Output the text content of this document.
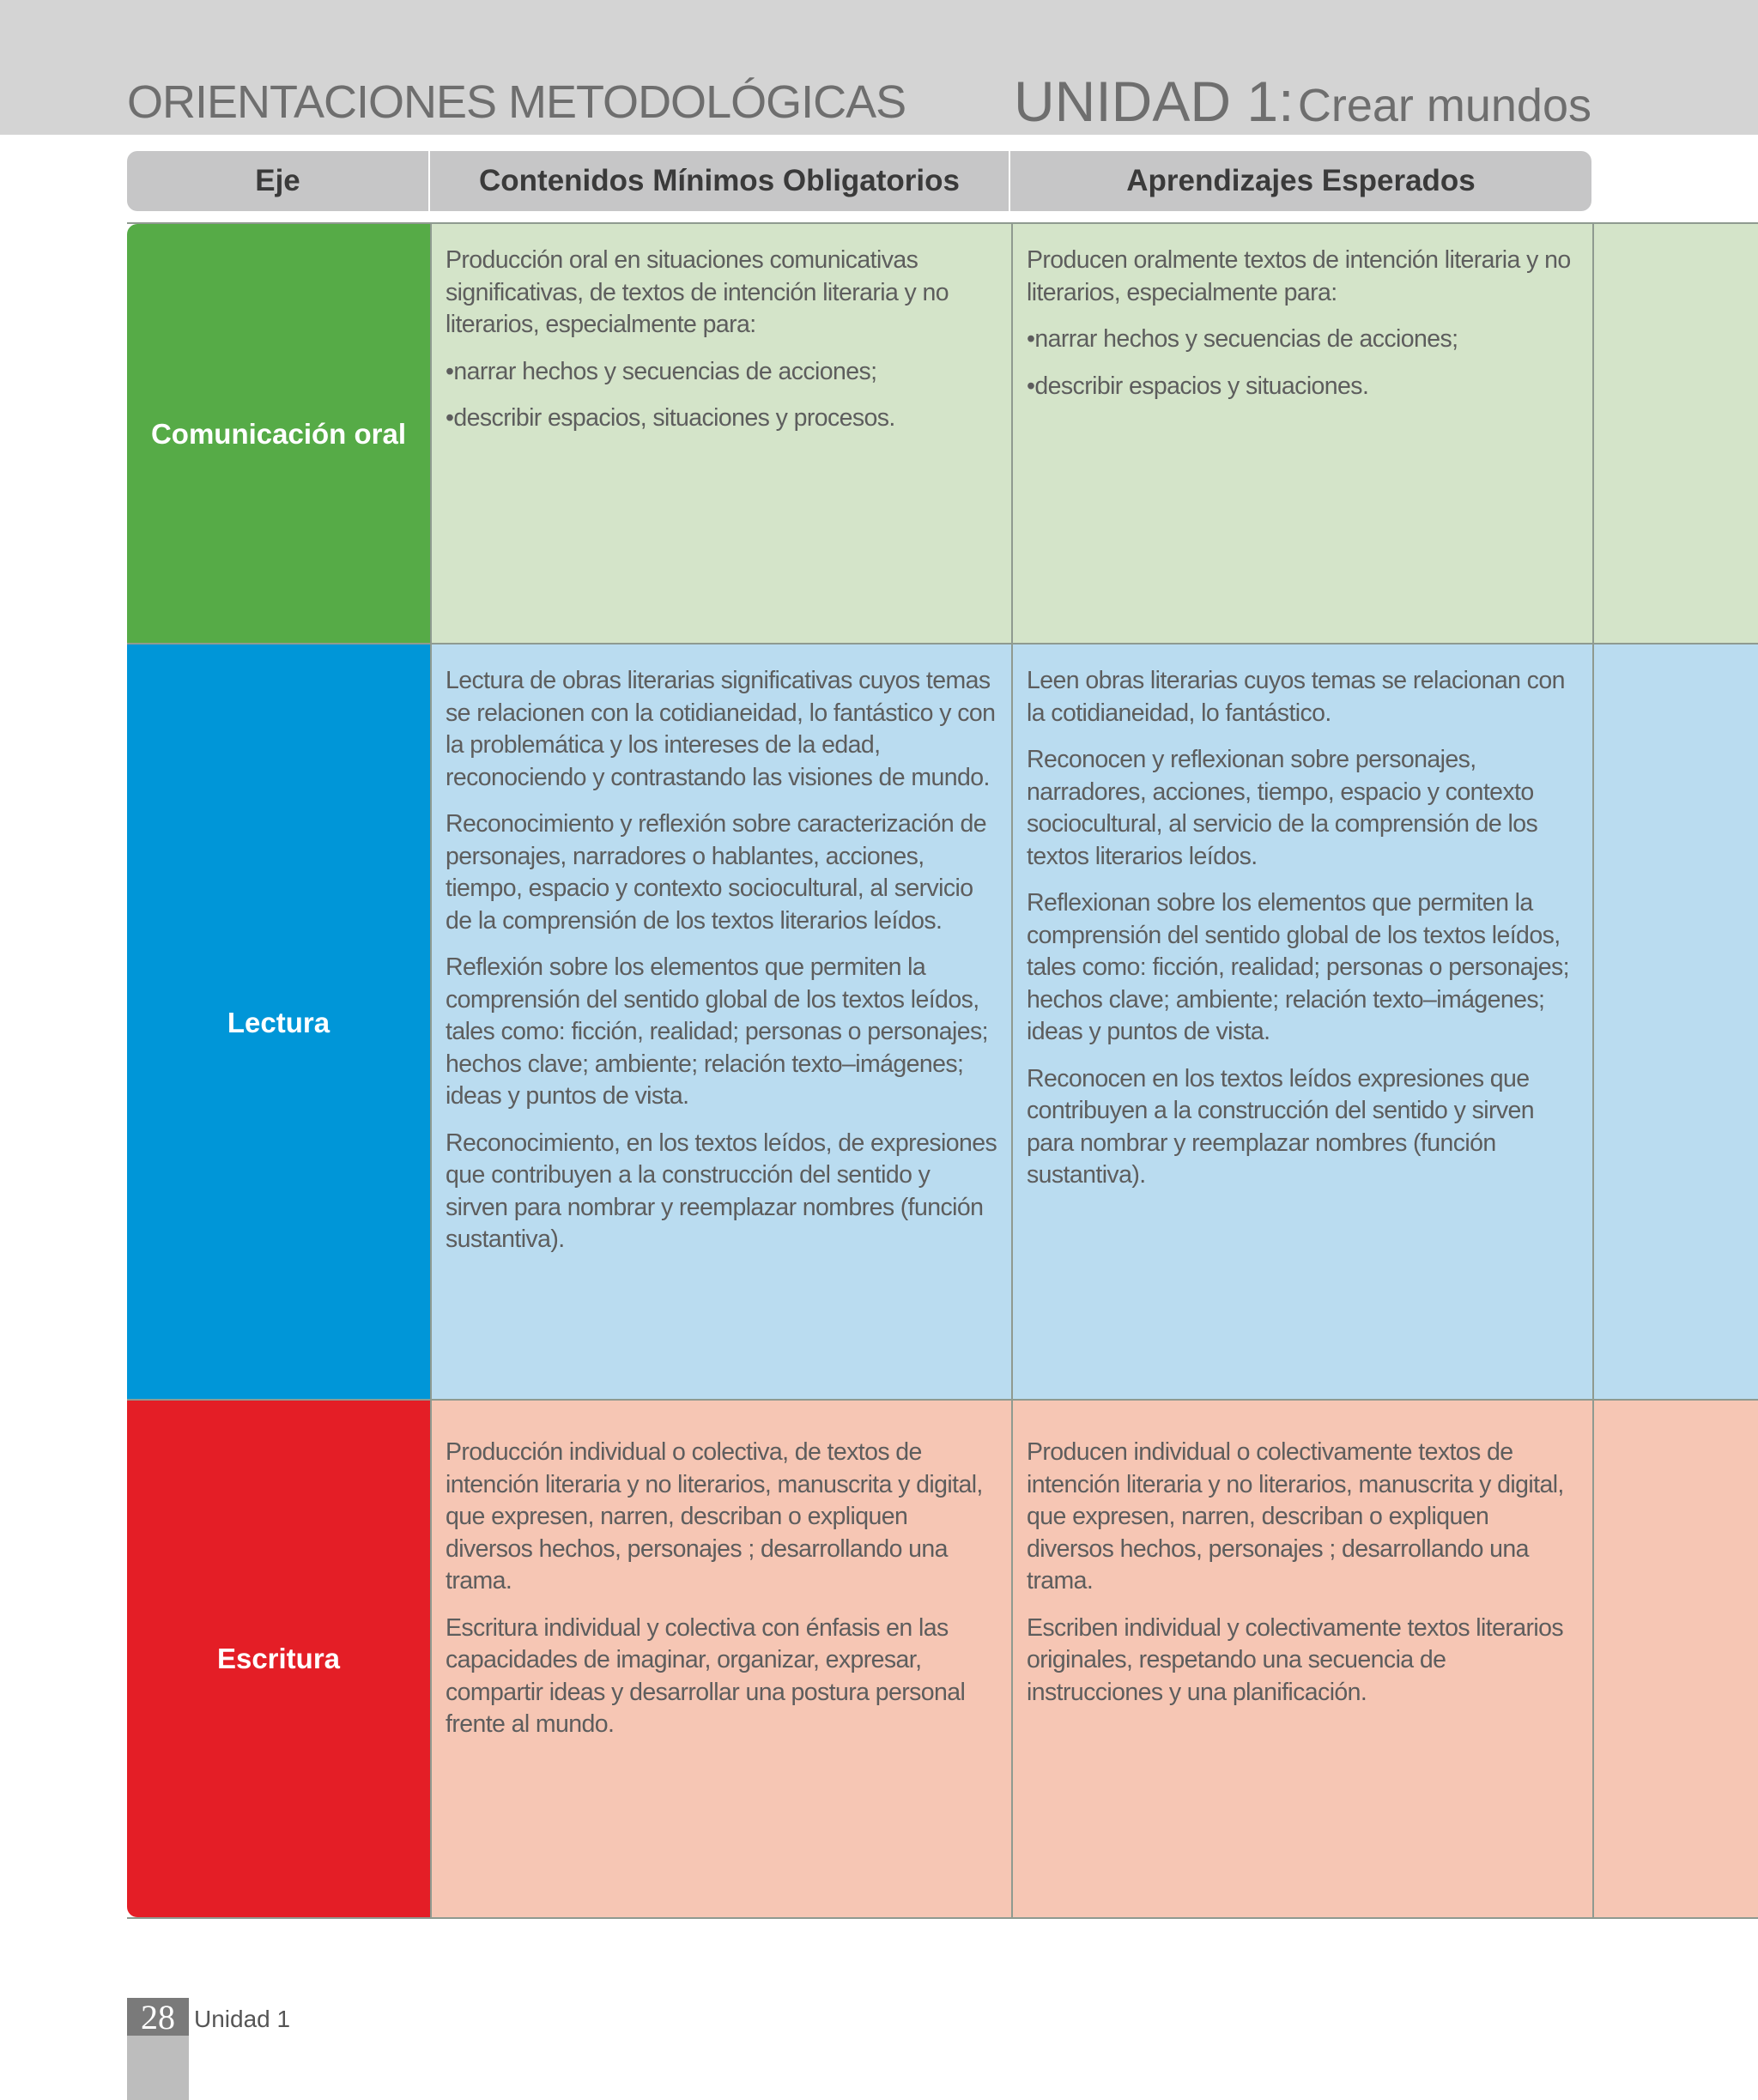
ORIENTACIONES METODOLÓGICAS UNIDAD 1: Crear mundos
Eje	Contenidos Mínimos Obligatorios	Aprendizajes Esperados
Comunicación oral

Producción oral en situaciones comunicativas significativas, de textos de intención literaria y no literarios, especialmente para:

• narrar hechos y secuencias de acciones;

• describir espacios, situaciones y procesos.

Producen oralmente textos de intención literaria y no literarios, especialmente para:

• narrar hechos y secuencias de acciones;

• describir espacios y situaciones.

Lectura

Lectura de obras literarias significativas cuyos temas se relacionen con la cotidianeidad, lo fantástico y con la problemática y los intereses de la edad, reconociendo y contrastando las visiones de mundo.

Reconocimiento y reflexión sobre caracterización de personajes, narradores o hablantes, acciones, tiempo, espacio y contexto sociocultural, al servicio de la comprensión de los textos literarios leídos.

Reflexión sobre los elementos que permiten la comprensión del sentido global de los textos leídos, tales como: ficción, realidad; personas o personajes; hechos clave; ambiente; relación texto–imágenes; ideas y puntos de vista.

Reconocimiento, en los textos leídos, de expresiones que contribuyen a la construcción del sentido y sirven para nombrar y reemplazar nombres (función sustantiva).

Leen obras literarias cuyos temas se relacionan con la cotidianeidad, lo fantástico.

Reconocen y reflexionan sobre personajes, narradores, acciones, tiempo, espacio y contexto sociocultural, al servicio de la comprensión de los textos literarios leídos.

Reflexionan sobre los elementos que permiten la comprensión del sentido global de los textos leídos, tales como: ficción, realidad; personas o personajes; hechos clave; ambiente; relación texto–imágenes; ideas y puntos de vista.

Reconocen en los textos leídos expresiones que contribuyen a la construcción del sentido y sirven para nombrar y reemplazar nombres (función sustantiva).

Escritura

Producción individual o colectiva, de textos de intención literaria y no literarios, manuscrita y digital, que expresen, narren, describan o expliquen diversos hechos, personajes ; desarrollando una trama.

Escritura individual y colectiva con énfasis en las capacidades de imaginar, organizar, expresar, compartir ideas y desarrollar una postura personal frente al mundo.

Producen individual o colectivamente textos de intención literaria y no literarios, manuscrita y digital, que expresen, narren, describan o expliquen diversos hechos, personajes ; desarrollando una trama.

Escriben individual y colectivamente textos literarios originales, respetando una secuencia de instrucciones y una planificación.

28 Unidad 1
